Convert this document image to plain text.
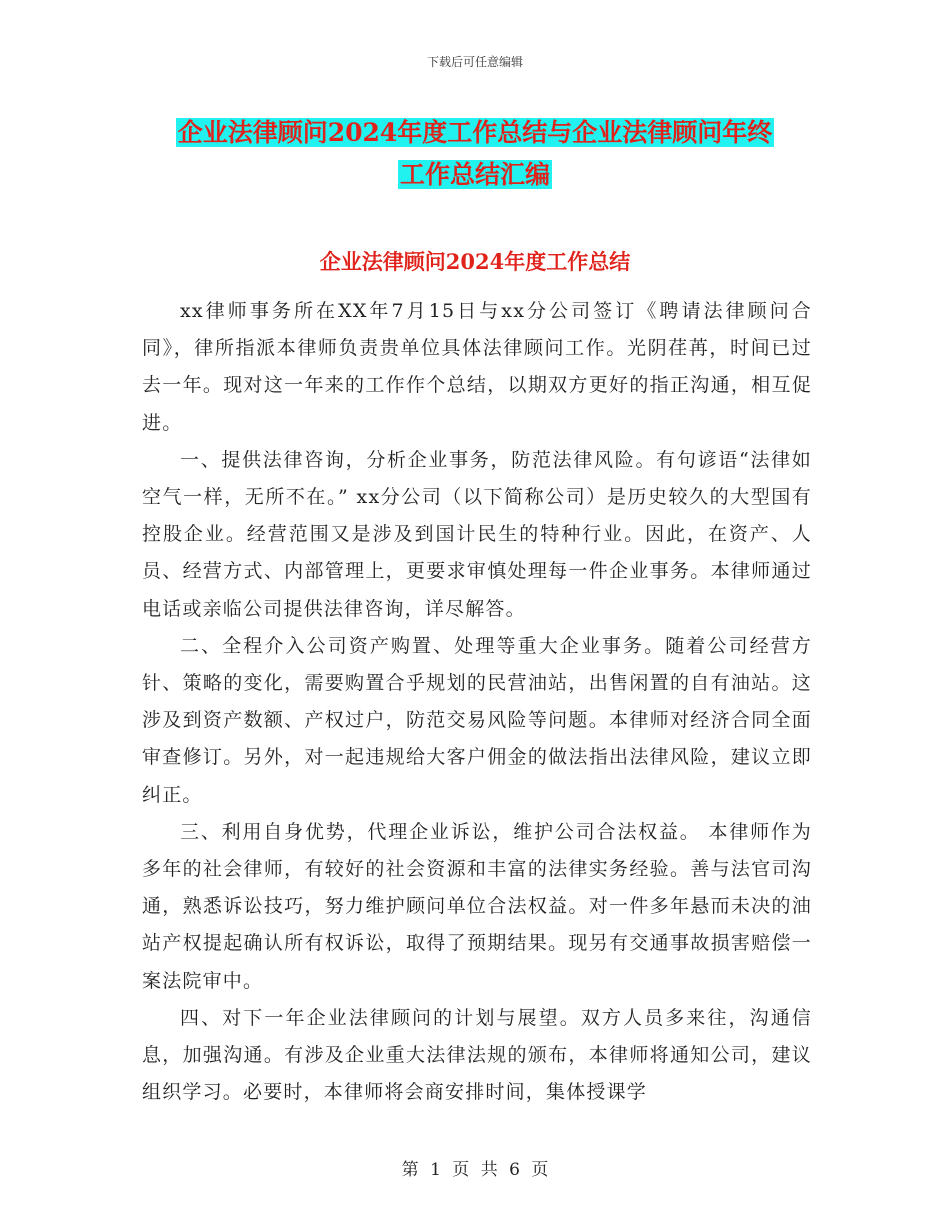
下载后可任意编辑
企业法律顾问2024年度工作总结与企业法律顾问年终
工作总结汇编
企业法律顾问2024年度工作总结

xx律师事务所在XX年7月15日与xx分公司签订《聘请法律顾问合同》，律所指派本律师负责贵单位具体法律顾问工作。光阴荏苒，时间已过去一年。现对这一年来的工作作个总结，以期双方更好的指正沟通，相互促进。

一、提供法律咨询，分析企业事务，防范法律风险。有句谚语“法律如空气一样，无所不在。” xx分公司（以下简称公司）是历史较久的大型国有控股企业。经营范围又是涉及到国计民生的特种行业。因此，在资产、人员、经营方式、内部管理上，更要求审慎处理每一件企业事务。本律师通过电话或亲临公司提供法律咨询，详尽解答。

二、全程介入公司资产购置、处理等重大企业事务。随着公司经营方针、策略的变化，需要购置合乎规划的民营油站，出售闲置的自有油站。这涉及到资产数额、产权过户，防范交易风险等问题。本律师对经济合同全面审查修订。另外，对一起违规给大客户佣金的做法指出法律风险，建议立即纠正。

三、利用自身优势，代理企业诉讼，维护公司合法权益。 本律师作为多年的社会律师，有较好的社会资源和丰富的法律实务经验。善与法官司沟通，熟悉诉讼技巧，努力维护顾问单位合法权益。对一件多年悬而未决的油站产权提起确认所有权诉讼，取得了预期结果。现另有交通事故损害赔偿一案法院审中。

四、对下一年企业法律顾问的计划与展望。双方人员多来往，沟通信息，加强沟通。有涉及企业重大法律法规的颁布，本律师将通知公司，建议组织学习。必要时，本律师将会商安排时间，集体授课学

第 1 页 共 6 页
